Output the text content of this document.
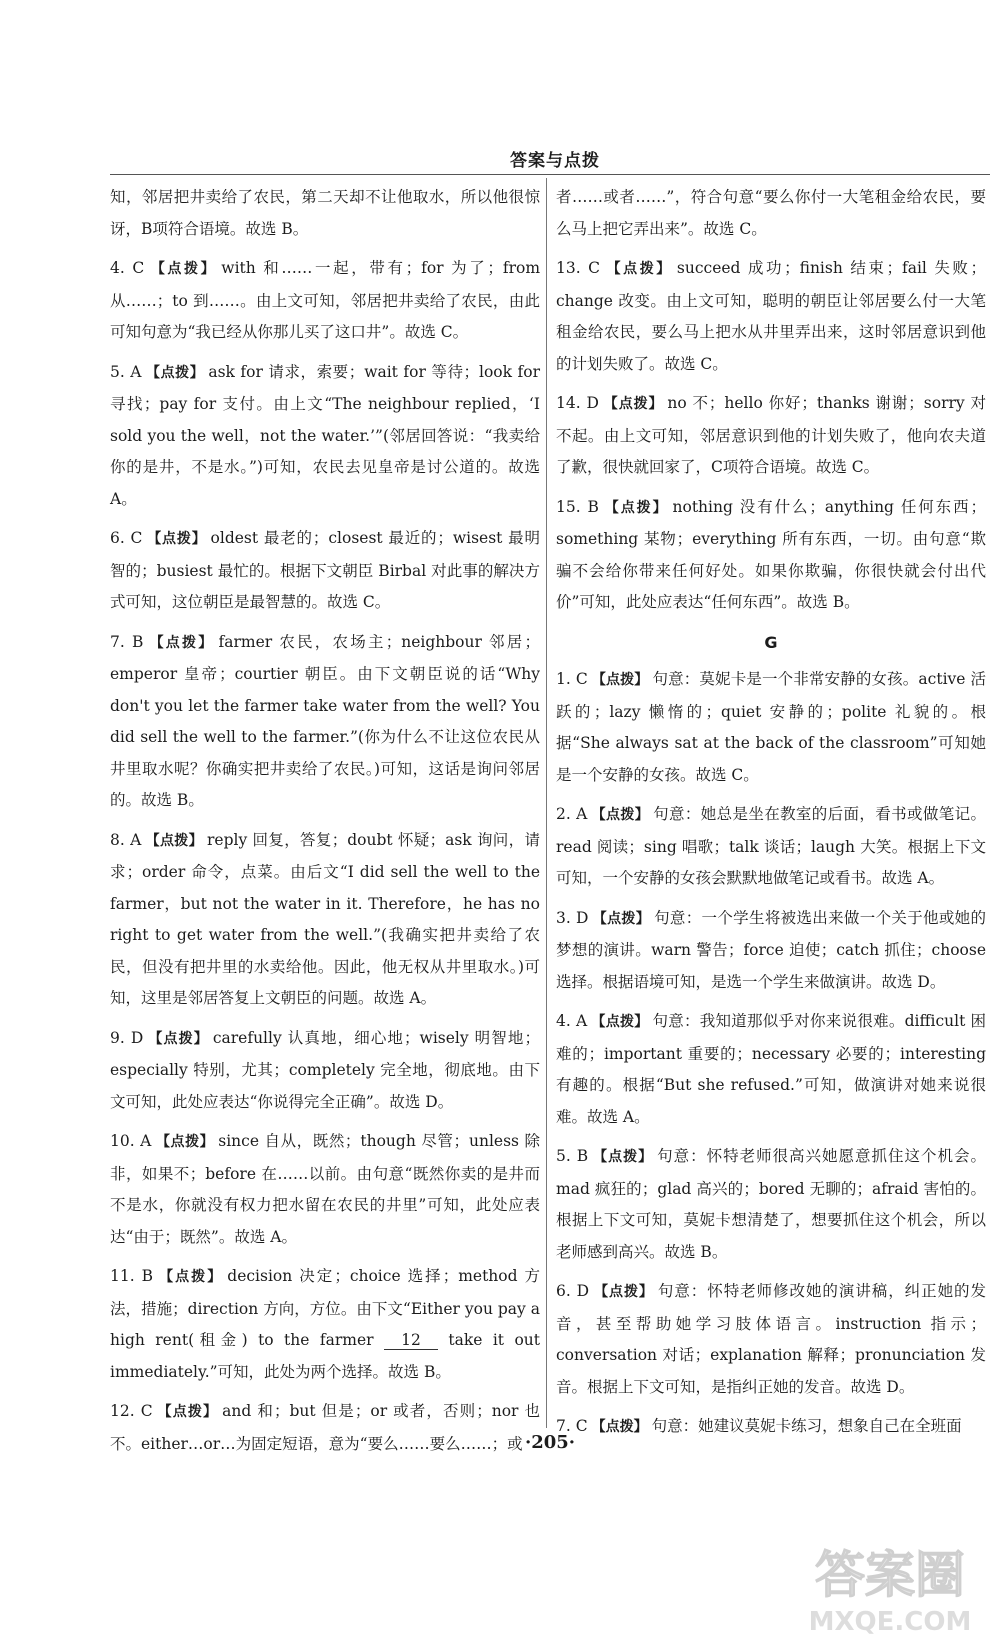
答案与点拨
知，邻居把井卖给了农民，第二天却不让他取水，所以他很惊讶，B项符合语境。故选 B。
4. C 【点拨】 with 和……一起，带有；for 为了；from 从……；to 到……。由上文可知，邻居把井卖给了农民，由此可知句意为“我已经从你那儿买了这口井”。故选 C。
5. A 【点拨】 ask for 请求，索要；wait for 等待；look for 寻找；pay for 支付。由上文“The neighbour replied，‘I sold you the well，not the water.’”(邻居回答说：“我卖给你的是井，不是水。”)可知，农民去见皇帝是讨公道的。故选 A。
6. C 【点拨】 oldest 最老的；closest 最近的；wisest 最明智的；busiest 最忙的。根据下文朝臣 Birbal 对此事的解决方式可知，这位朝臣是最智慧的。故选 C。
7. B 【点拨】 farmer 农民，农场主；neighbour 邻居；emperor 皇帝；courtier 朝臣。由下文朝臣说的话“Why don't you let the farmer take water from the well? You did sell the well to the farmer.”(你为什么不让这位农民从井里取水呢？你确实把井卖给了农民。)可知，这话是询问邻居的。故选 B。
8. A 【点拨】 reply 回复，答复；doubt 怀疑；ask 询问，请求；order 命令，点菜。由后文“I did sell the well to the farmer，but not the water in it. Therefore，he has no right to get water from the well.”(我确实把井卖给了农民，但没有把井里的水卖给他。因此，他无权从井里取水。)可知，这里是邻居答复上文朝臣的问题。故选 A。
9. D 【点拨】 carefully 认真地，细心地；wisely 明智地；especially 特别，尤其；completely 完全地，彻底地。由下文可知，此处应表达“你说得完全正确”。故选 D。
10. A 【点拨】 since 自从，既然；though 尽管；unless 除非，如果不；before 在……以前。由句意“既然你卖的是井而不是水，你就没有权力把水留在农民的井里”可知，此处应表达“由于；既然”。故选 A。
11. B 【点拨】 decision 决定；choice 选择；method 方法，措施；direction 方向，方位。由下文“Either you pay a high rent(租金) to the farmer 12 take it out immediately.”可知，此处为两个选择。故选 B。
12. C 【点拨】 and 和；but 但是；or 或者，否则；nor 也不。either…or…为固定短语，意为“要么……要么……；或
者……或者……”，符合句意“要么你付一大笔租金给农民，要么马上把它弄出来”。故选 C。
13. C 【点拨】 succeed 成功；finish 结束；fail 失败；change 改变。由上文可知，聪明的朝臣让邻居要么付一大笔租金给农民，要么马上把水从井里弄出来，这时邻居意识到他的计划失败了。故选 C。
14. D 【点拨】 no 不；hello 你好；thanks 谢谢；sorry 对不起。由上文可知，邻居意识到他的计划失败了，他向农夫道了歉，很快就回家了，C项符合语境。故选 C。
15. B 【点拨】 nothing 没有什么；anything 任何东西；something 某物；everything 所有东西，一切。由句意“欺骗不会给你带来任何好处。如果你欺骗，你很快就会付出代价”可知，此处应表达“任何东西”。故选 B。
G
1. C 【点拨】 句意：莫妮卡是一个非常安静的女孩。active 活跃的；lazy 懒惰的；quiet 安静的；polite 礼貌的。根据“She always sat at the back of the classroom”可知她是一个安静的女孩。故选 C。
2. A 【点拨】 句意：她总是坐在教室的后面，看书或做笔记。read 阅读；sing 唱歌；talk 谈话；laugh 大笑。根据上下文可知，一个安静的女孩会默默地做笔记或看书。故选 A。
3. D 【点拨】 句意：一个学生将被选出来做一个关于他或她的梦想的演讲。warn 警告；force 迫使；catch 抓住；choose 选择。根据语境可知，是选一个学生来做演讲。故选 D。
4. A 【点拨】 句意：我知道那似乎对你来说很难。difficult 困难的；important 重要的；necessary 必要的；interesting 有趣的。根据“But she refused.”可知，做演讲对她来说很难。故选 A。
5. B 【点拨】 句意：怀特老师很高兴她愿意抓住这个机会。mad 疯狂的；glad 高兴的；bored 无聊的；afraid 害怕的。根据上下文可知，莫妮卡想清楚了，想要抓住这个机会，所以老师感到高兴。故选 B。
6. D 【点拨】 句意：怀特老师修改她的演讲稿，纠正她的发音，甚至帮助她学习肢体语言。instruction 指示；conversation 对话；explanation 解释；pronunciation 发音。根据上下文可知，是指纠正她的发音。故选 D。
7. C 【点拨】 句意：她建议莫妮卡练习，想象自己在全班面
·205·
答案圈
MXQE.COM
